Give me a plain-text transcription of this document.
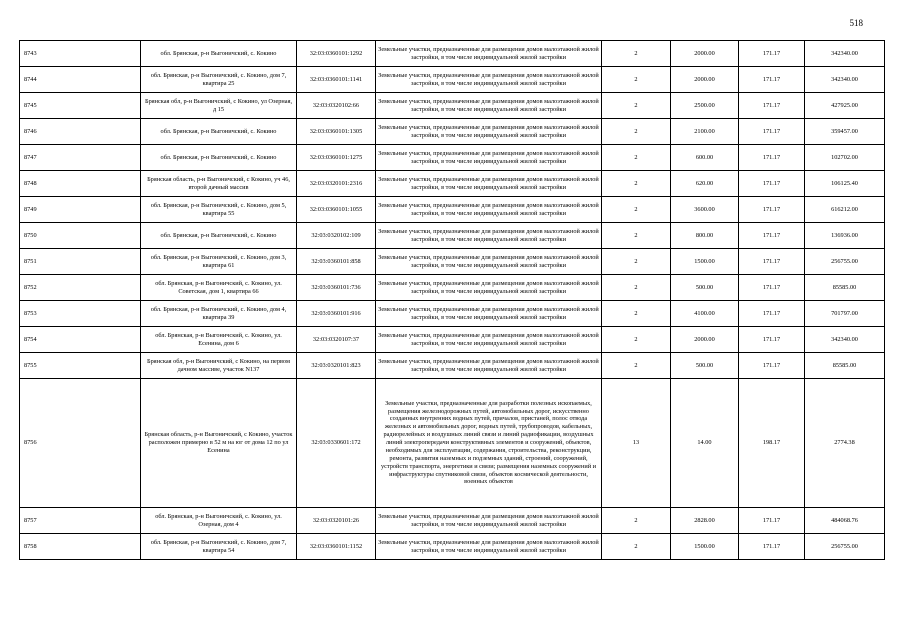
518
8743	обл. Брянская, р-н Выгоничский, с. Кокино	32:03:0360101:1292	Земельные участки, предназначенные для размещения домов малоэтажной жилой застройки, в том числе индивидуальной жилой застройки	2	2000.00	171.17	342340.00
8744	обл. Брянская, р-н Выгоничский, с. Кокино, дом 7, квартира 25	32:03:0360101:1141	Земельные участки, предназначенные для размещения домов малоэтажной жилой застройки, в том числе индивидуальной жилой застройки	2	2000.00	171.17	342340.00
8745	Брянская обл, р-н Выгоничский, с Кокино, ул Озерная, д 15	32:03:0320102:66	Земельные участки, предназначенные для размещения домов малоэтажной жилой застройки, в том числе индивидуальной жилой застройки	2	2500.00	171.17	427925.00
8746	обл. Брянская, р-н Выгоничский, с. Кокино	32:03:0360101:1305	Земельные участки, предназначенные для размещения домов малоэтажной жилой застройки, в том числе индивидуальной жилой застройки	2	2100.00	171.17	359457.00
8747	обл. Брянская, р-н Выгоничский, с. Кокино	32:03:0360101:1275	Земельные участки, предназначенные для размещения домов малоэтажной жилой застройки, в том числе индивидуальной жилой застройки	2	600.00	171.17	102702.00
8748	Брянская область, р-н Выгоничский, с Кокино, уч 46, второй дачный массив	32:03:0320101:2316	Земельные участки, предназначенные для размещения домов малоэтажной жилой застройки, в том числе индивидуальной жилой застройки	2	620.00	171.17	106125.40
8749	обл. Брянская, р-н Выгоничский, с. Кокино, дом 5, квартира 55	32:03:0360101:1055	Земельные участки, предназначенные для размещения домов малоэтажной жилой застройки, в том числе индивидуальной жилой застройки	2	3600.00	171.17	616212.00
8750	обл. Брянская, р-н Выгоничский, с. Кокино	32:03:0320102:109	Земельные участки, предназначенные для размещения домов малоэтажной жилой застройки, в том числе индивидуальной жилой застройки	2	800.00	171.17	136936.00
8751	обл. Брянская, р-н Выгоничский, с. Кокино, дом 3, квартира 61	32:03:0360101:858	Земельные участки, предназначенные для размещения домов малоэтажной жилой застройки, в том числе индивидуальной жилой застройки	2	1500.00	171.17	256755.00
8752	обл. Брянская, р-н Выгоничский, с. Кокино, ул. Советская, дом 1, квартира 66	32:03:0360101:736	Земельные участки, предназначенные для размещения домов малоэтажной жилой застройки, в том числе индивидуальной жилой застройки	2	500.00	171.17	85585.00
8753	обл. Брянская, р-н Выгоничский, с. Кокино, дом 4, квартира 39	32:03:0360101:916	Земельные участки, предназначенные для размещения домов малоэтажной жилой застройки, в том числе индивидуальной жилой застройки	2	4100.00	171.17	701797.00
8754	обл. Брянская, р-н Выгоничский, с. Кокино, ул. Есенина, дом 6	32:03:0320107:37	Земельные участки, предназначенные для размещения домов малоэтажной жилой застройки, в том числе индивидуальной жилой застройки	2	2000.00	171.17	342340.00
8755	Брянская обл, р-н Выгоничский, с Кокино, на первом дачном массиве, участок N137	32:03:0320101:823	Земельные участки, предназначенные для размещения домов малоэтажной жилой застройки, в том числе индивидуальной жилой застройки	2	500.00	171.17	85585.00
8756	Брянская область, р-н Выгоничский, с Кокино, участок расположен примерно в 52 м на юг от дома 12 по ул Есенина	32:03:0330601:172	Земельные участки, предназначенные для разработки полезных ископаемых, размещения железнодорожных путей, автомобильных дорог, искусственно созданных внутренних водных путей, причалов, пристаней, полос отвода железных и автомобильных дорог, водных путей, трубопроводов, кабельных, радиорелейных и воздушных линий связи и линий радиофикации, воздушных линий электропередачи конструктивных элементов и сооружений, объектов, необходимых для эксплуатации, содержания, строительства, реконструкции, ремонта, развития наземных и подземных зданий, строений, сооружений, устройств транспорта, энергетики и связи; размещения наземных сооружений и инфраструктуры спутниковой связи, объектов космической деятельности, военных объектов	13	14.00	198.17	2774.38
8757	обл. Брянская, р-н Выгоничский, с. Кокино, ул. Озерная, дом 4	32:03:0320101:26	Земельные участки, предназначенные для размещения домов малоэтажной жилой застройки, в том числе индивидуальной жилой застройки	2	2828.00	171.17	484068.76
8758	обл. Брянская, р-н Выгоничский, с. Кокино, дом 7, квартира 54	32:03:0360101:1152	Земельные участки, предназначенные для размещения домов малоэтажной жилой застройки, в том числе индивидуальной жилой застройки	2	1500.00	171.17	256755.00
